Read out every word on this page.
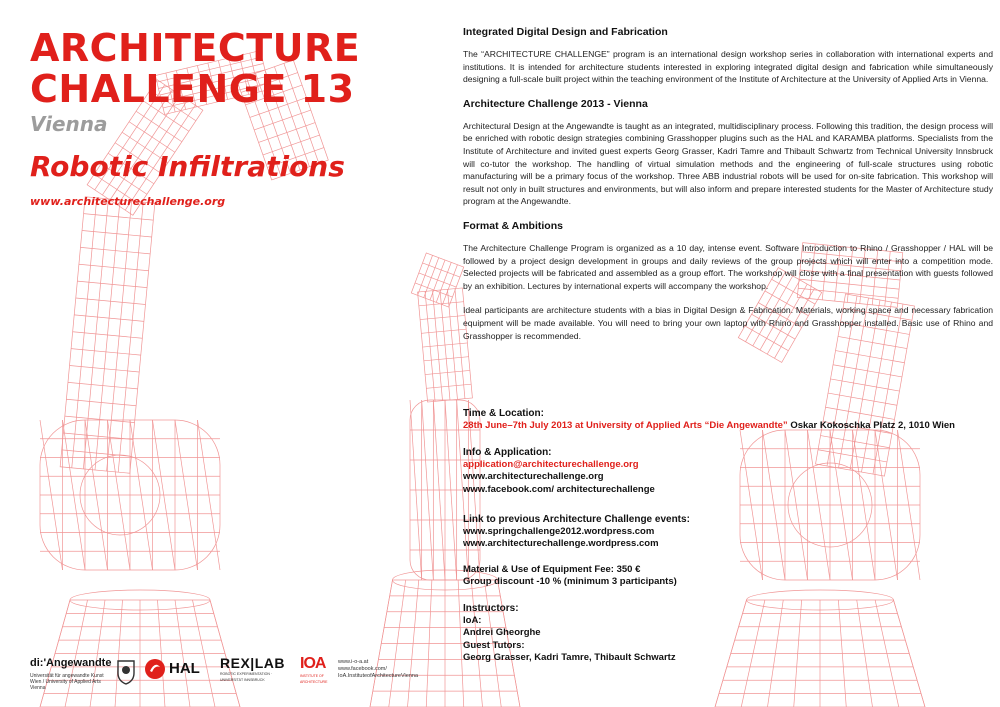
ARCHITECTURE
CHALLENGE 13
Vienna
Robotic Infiltrations
www.architecturechallenge.org
Integrated Digital Design and Fabrication

The “ARCHITECTURE CHALLENGE” program is an international design workshop series in collaboration with international experts and institutions. It is intended for architecture students interested in exploring integrated digital design and fabrication while simultaneously designing a full-scale built project within the teaching environment of the Institute of Architecture at the University of Applied Arts in Vienna.

Architecture Challenge 2013 - Vienna

Architectural Design at the Angewandte is taught as an integrated, multidisciplinary process. Following this tradition, the design process will be enriched with robotic design strategies combining Grasshopper plugins such as the HAL and KARAMBA platforms. Specialists from the Institute of Architecture and invited guest experts Georg Grasser, Kadri Tamre and Thibault Schwartz from Technical University Innsbruck will co-tutor the workshop. The handling of virtual simulation methods and the engineering of full-scale structures using robotic manufacturing will be a primary focus of the workshop. Three ABB industrial robots will be used for on-site fabrication. This workshop will result not only in built structures and environments, but will also inform and prepare interested students for the Master of Architecture study program at the Angewandte.

Format & Ambitions

The Architecture Challenge Program is organized as a 10 day, intense event. Software Introduction to Rhino / Grasshopper / HAL will be followed by a project design development in groups and daily reviews of the group projects which will enter into a competition mode. Selected projects will be fabricated and assembled as a group effort. The workshop will close with a final presentation with guests followed by an exhibition. Lectures by international experts will accompany the workshop.

Ideal participants are architecture students with a bias in Digital Design & Fabrication. Materials, working space and necessary fabrication equipment will be made available. You will need to bring your own laptop with Rhino and Grasshopper installed. Basic use of Rhino and Grasshopper is recommended.

Time & Location:
28th June–7th July 2013 at University of Applied Arts “Die Angewandte” Oskar Kokoschka Platz 2, 1010 Wien
Info & Application:
application@architecturechallenge.org
www.architecturechallenge.org
www.facebook.com/ architecturechallenge
Link to previous Architecture Challenge events:
www.springchallenge2012.wordpress.com
www.architecturechallenge.wordpress.com
Material & Use of Equipment Fee: 350 €
Group discount -10 % (minimum 3 participants)
Instructors:
IoA:
Andrei Gheorghe
Guest Tutors:
Georg Grasser, Kadri Tamre, Thibault Schwartz
di:'Angewandte
Universität für angewandte Kunst Wien / University of Applied Arts Vienna
HAL REX|LAB
ROBOTIC EXPERIMENTATION · UNIVERSITÄT INNSBRUCK
IOA
INSTITUTE OF ARCHITECTURE
www.i-o-a.at
www.facebook.com/
IoA.InstituteofArchitectureVienna
